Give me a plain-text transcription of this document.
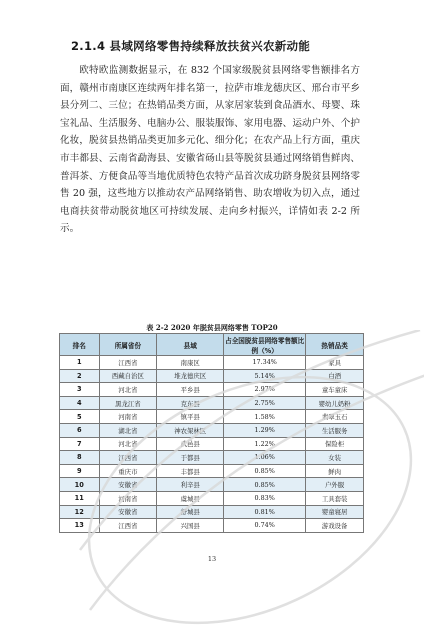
2.1.4 县域网络零售持续释放扶贫兴农新动能

欧特欧监测数据显示，在 832 个国家级脱贫县网络零售额排名方面，赣州市南康区连续两年排名第一，拉萨市堆龙德庆区、邢台市平乡县分列二、三位；在热销品类方面，从家居家装到食品酒水、母婴、珠宝礼品、生活服务、电脑办公、服装服饰、家用电器、运动户外、个护化妆，脱贫县热销品类更加多元化、细分化；在农产品上行方面，重庆市丰都县、云南省勐海县、安徽省砀山县等脱贫县通过网络销售鲜肉、普洱茶、方便食品等当地优质特色农特产品首次成功跻身脱贫县网络零售 20 强，这些地方以推动农产品网络销售、助农增收为切入点，通过电商扶贫带动脱贫地区可持续发展、走向乡村振兴，详情如表 2-2 所示。

表 2-2 2020 年脱贫县网络零售 TOP20
排名	所属省份	县域	占全国脱贫县网络零售额比例（%）	热销品类
1	江西省	南康区	17.34%	家具
2	西藏自治区	堆龙德庆区	5.14%	白酒
3	河北省	平乡县	2.97%	童车童床
4	黑龙江省	克东县	2.75%	婴幼儿奶粉
5	河南省	镇平县	1.58%	翡翠玉石
6	湖北省	神农架林区	1.29%	生活服务
7	河北省	武邑县	1.22%	保险柜
8	江西省	于都县	1.06%	女装
9	重庆市	丰都县	0.85%	鲜肉
10	安徽省	利辛县	0.85%	户外服
11	河南省	虞城县	0.83%	工具套装
12	安徽省	舒城县	0.81%	婴童寝居
13	江西省	兴国县	0.74%	游戏设备
13
